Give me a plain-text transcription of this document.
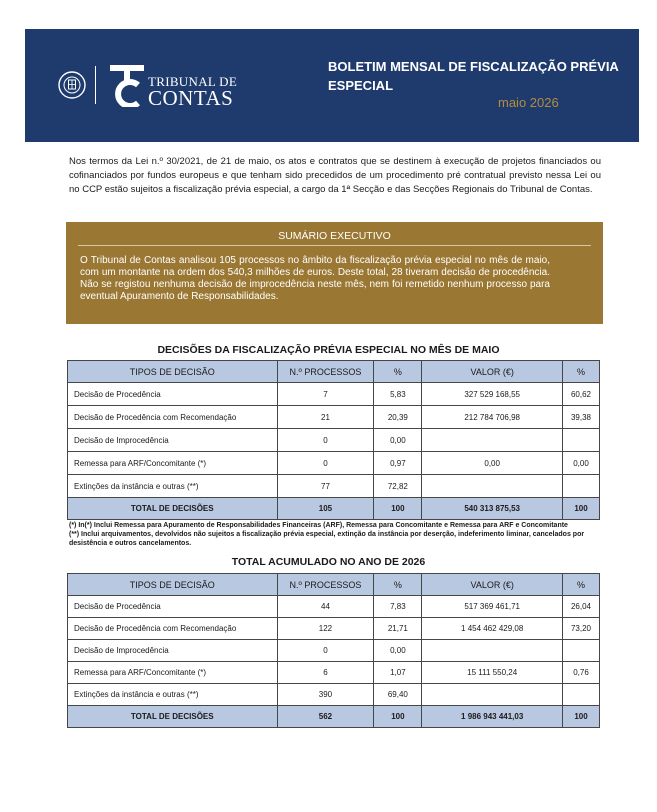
TRIBUNAL DE
CONTAS
BOLETIM MENSAL DE FISCALIZAÇÃO PRÉVIA ESPECIAL
maio 2026
Nos termos da Lei n.º 30/2021, de 21 de maio, os atos e contratos que se destinem à execução de projetos financiados ou cofinanciados por fundos europeus e que tenham sido precedidos de um procedimento pré contratual previsto nessa Lei ou no CCP estão sujeitos a fiscalização prévia especial, a cargo da 1ª Secção e das Secções Regionais do Tribunal de Contas.
SUMÁRIO EXECUTIVO
O Tribunal de Contas analisou 105 processos no âmbito da fiscalização prévia especial no mês de maio, com um montante na ordem dos 540,3 milhões de euros. Deste total, 28 tiveram decisão de procedência. Não se registou nenhuma decisão de improcedência neste mês, nem foi remetido nenhum processo para eventual Apuramento de Responsabilidades.
DECISÕES DA FISCALIZAÇÃO PRÉVIA ESPECIAL NO MÊS DE MAIO
TIPOS DE DECISÃO	N.º PROCESSOS	%	VALOR (€)	%
Decisão de Procedência	7	5,83	327 529 168,55	60,62
Decisão de Procedência com Recomendação	21	20,39	212 784 706,98	39,38
Decisão de Improcedência	0	0,00		
Remessa para ARF/Concomitante (*)	0	0,97	0,00	0,00
Extinções da instância e outras (**)	77	72,82		
TOTAL DE DECISÕES	105	100	540 313 875,53	100
(*) In(*) Inclui Remessa para Apuramento de Responsabilidades Financeiras (ARF), Remessa para Concomitante e Remessa para ARF e Concomitante
(**) Inclui arquivamentos, devolvidos não sujeitos a fiscalização prévia especial, extinção da instância por deserção, indeferimento liminar, cancelados por desistência e outros cancelamentos.
TOTAL ACUMULADO NO ANO DE 2026
TIPOS DE DECISÃO	N.º PROCESSOS	%	VALOR (€)	%
Decisão de Procedência	44	7,83	517 369 461,71	26,04
Decisão de Procedência com Recomendação	122	21,71	1 454 462 429,08	73,20
Decisão de Improcedência	0	0,00		
Remessa para ARF/Concomitante (*)	6	1,07	15 111 550,24	0,76
Extinções da instância e outras (**)	390	69,40		
TOTAL DE DECISÕES	562	100	1 986 943 441,03	100
